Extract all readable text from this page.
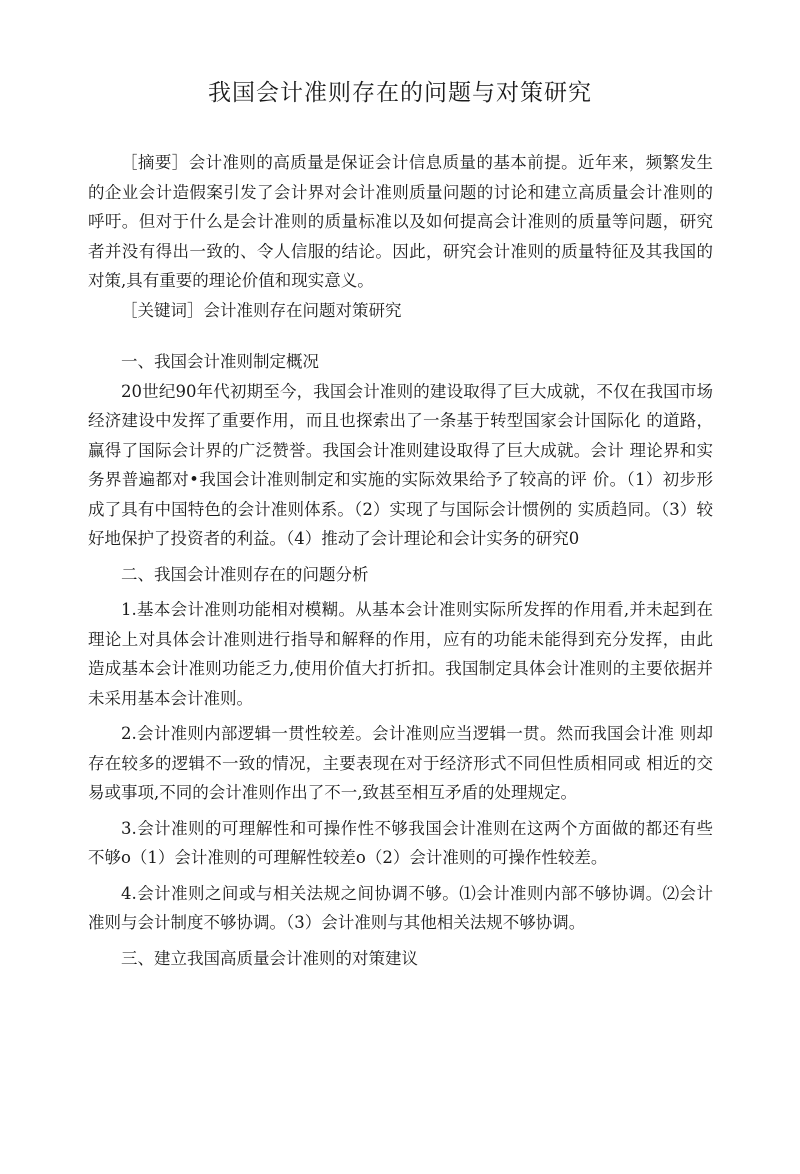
我国会计准则存在的问题与对策研究

［摘要］会计准则的高质量是保证会计信息质量的基本前提。近年来，频繁发生 的企业会计造假案引发了会计界对会计准则质量问题的讨论和建立高质量会计准则的呼吁。但对于什么是会计准则的质量标准以及如何提高会计准则的质量等问题，研究者并没有得出一致的、令人信服的结论。因此，研究会计准则的质量特征及其我国的对策,具有重要的理论价值和现实意义。

［关键词］会计准则存在问题对策研究

一、我国会计准则制定概况

20世纪90年代初期至今，我国会计准则的建设取得了巨大成就，不仅在我国市场经济建设中发挥了重要作用，而且也探索出了一条基于转型国家会计国际化 的道路，赢得了国际会计界的广泛赞誉。我国会计准则建设取得了巨大成就。会计 理论界和实务界普遍都对•我国会计准则制定和实施的实际效果给予了较高的评 价。（1）初步形成了具有中国特色的会计准则体系。（2）实现了与国际会计惯例的 实质趋同。（3）较好地保护了投资者的利益。（4）推动了会计理论和会计实务的研究0

二、我国会计准则存在的问题分析

1.基本会计准则功能相对模糊。从基本会计准则实际所发挥的作用看,并未起到在理论上对具体会计准则进行指导和解释的作用，应有的功能未能得到充分发挥，由此造成基本会计准则功能乏力,使用价值大打折扣。我国制定具体会计准则的主要依据并未采用基本会计准则。

2.会计准则内部逻辑一贯性较差。会计准则应当逻辑一贯。然而我国会计准 则却存在较多的逻辑不一致的情况，主要表现在对于经济形式不同但性质相同或 相近的交易或事项,不同的会计准则作出了不一,致甚至相互矛盾的处理规定。

3.会计准则的可理解性和可操作性不够我国会计准则在这两个方面做的都还有些不够o（1）会计准则的可理解性较差o（2）会计准则的可操作性较差。

4.会计准则之间或与相关法规之间协调不够。⑴会计准则内部不够协调。⑵会计准则与会计制度不够协调。（3）会计准则与其他相关法规不够协调。

三、建立我国高质量会计准则的对策建议
